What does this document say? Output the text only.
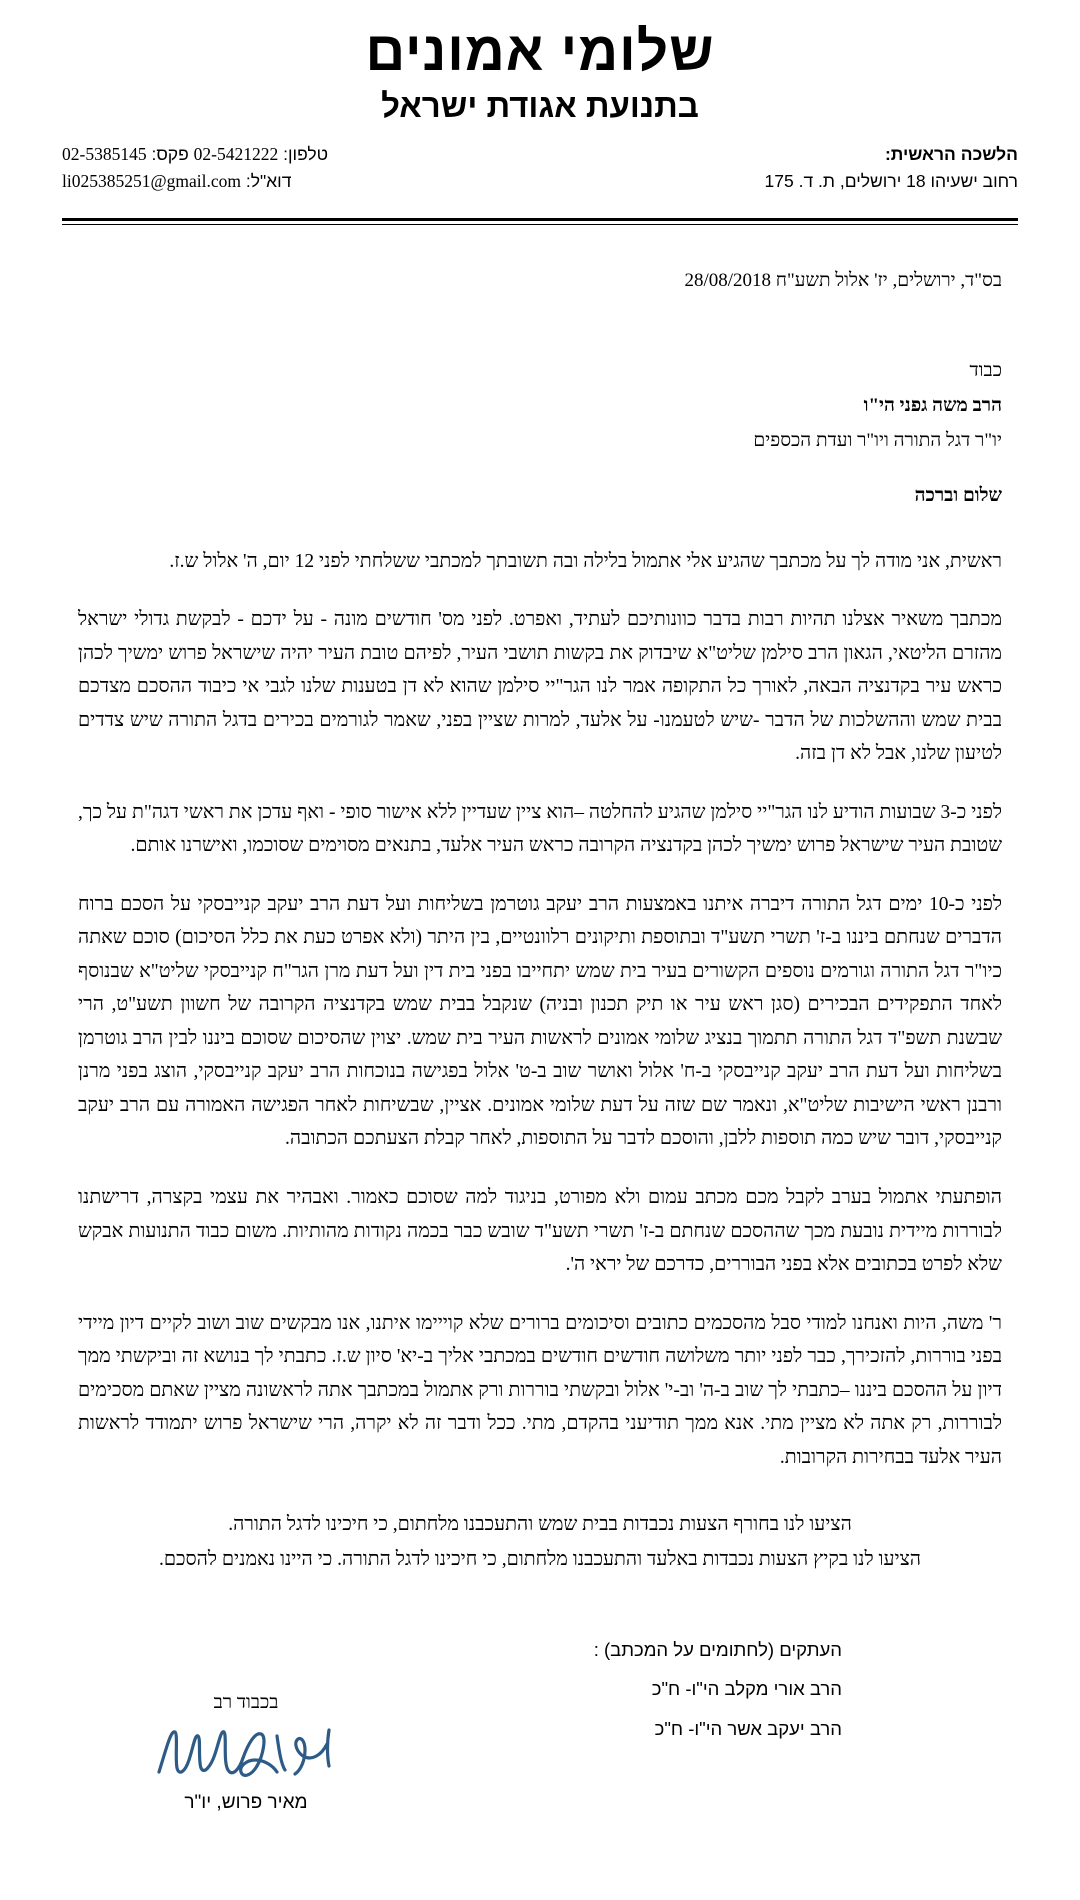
שלומי אמונים
בתנועת אגודת ישראל
הלשכה הראשית:
רחוב ישעיהו 18 ירושלים, ת. ד. 175
טלפון: 02-5421222 פקס: 02-5385145
דוא"ל: li025385251@gmail.com
בס"ד, ירושלים, יז' אלול תשע"ח 28/08/2018
כבוד
הרב משה גפני הי"ו
יו"ר דגל התורה ויו"ר ועדת הכספים
שלום וברכה

ראשית, אני מודה לך על מכתבך שהגיע אלי אתמול בלילה ובה תשובתך למכתבי ששלחתי לפני 12 יום, ה' אלול ש.ז.

מכתבך משאיר אצלנו תהיות רבות בדבר כוונותיכם לעתיד, ואפרט. לפני מס' חודשים מונה - על ידכם - לבקשת גדולי ישראל מהזרם הליטאי, הגאון הרב סילמן שליט"א שיבדוק את בקשות תושבי העיר, לפיהם טובת העיר יהיה שישראל פרוש ימשיך לכהן כראש עיר בקדנציה הבאה, לאורך כל התקופה אמר לנו הגר"יי סילמן שהוא לא דן בטענות שלנו לגבי אי כיבוד ההסכם מצדכם בבית שמש וההשלכות של הדבר -שיש לטעמנו- על אלעד, למרות שציין בפני, שאמר לגורמים בכירים בדגל התורה שיש צדדים לטיעון שלנו, אבל לא דן בזה.

לפני כ-3 שבועות הודיע לנו הגר"יי סילמן שהגיע להחלטה –הוא ציין שעדיין ללא אישור סופי - ואף עדכן את ראשי דגה"ת על כך, שטובת העיר שישראל פרוש ימשיך לכהן בקדנציה הקרובה כראש העיר אלעד, בתנאים מסוימים שסוכמו, ואישרנו אותם.

לפני כ-10 ימים דגל התורה דיברה איתנו באמצעות הרב יעקב גוטרמן בשליחות ועל דעת הרב יעקב קנייבסקי על הסכם ברוח הדברים שנחתם ביננו ב-ז' תשרי תשע"ד ובתוספת ותיקונים רלוונטיים, בין היתר (ולא אפרט כעת את כלל הסיכום) סוכם שאתה כיו"ר דגל התורה וגורמים נוספים הקשורים בעיר בית שמש יתחייבו בפני בית דין ועל דעת מרן הגר"ח קנייבסקי שליט"א שבנוסף לאחד התפקידים הבכירים (סגן ראש עיר או תיק תכנון ובניה) שנקבל בבית שמש בקדנציה הקרובה של חשוון תשע"ט, הרי שבשנת תשפ"ד דגל התורה תתמוך בנציג שלומי אמונים לראשות העיר בית שמש. יצוין שהסיכום שסוכם ביננו לבין הרב גוטרמן בשליחות ועל דעת הרב יעקב קנייבסקי ב-ח' אלול ואושר שוב ב-ט' אלול בפגישה בנוכחות הרב יעקב קנייבסקי, הוצג בפני מרנן ורבנן ראשי הישיבות שליט"א, ונאמר שם שזה על דעת שלומי אמונים. אציין, שבשיחות לאחר הפגישה האמורה עם הרב יעקב קנייבסקי, דובר שיש כמה תוספות ללבן, והוסכם לדבר על התוספות, לאחר קבלת הצעתכם הכתובה.

הופתעתי אתמול בערב לקבל מכם מכתב עמום ולא מפורט, בניגוד למה שסוכם כאמור. ואבהיר את עצמי בקצרה, דרישתנו לבוררות מיידית נובעת מכך שההסכם שנחתם ב-ז' תשרי תשע"ד שובש כבר בכמה נקודות מהותיות. משום כבוד התנועות אבקש שלא לפרט בכתובים אלא בפני הבוררים, כדרכם של יראי ה'.

ר' משה, היות ואנחנו למודי סבל מהסכמים כתובים וסיכומים ברורים שלא קוייימו איתנו, אנו מבקשים שוב ושוב לקיים דיון מיידי בפני בוררות, להזכירך, כבר לפני יותר משלושה חודשים חודשים במכתבי אליך ב-יא' סיון ש.ז. כתבתי לך בנושא זה וביקשתי ממך דיון על ההסכם ביננו –כתבתי לך שוב ב-ה' וב-י' אלול ובקשתי בוררות ורק אתמול במכתבך אתה לראשונה מציין שאתם מסכימים לבוררות, רק אתה לא מציין מתי. אנא ממך תודיעני בהקדם, מתי. ככל ודבר זה לא יקרה, הרי שישראל פרוש יתמודד לראשות העיר אלעד בבחירות הקרובות.

הציעו לנו בחורף הצעות נכבדות בבית שמש והתעכבנו מלחתום, כי חיכינו לדגל התורה.
הציעו לנו בקיץ הצעות נכבדות באלעד והתעכבנו מלחתום, כי חיכינו לדגל התורה. כי היינו נאמנים להסכם.
העתקים (לחתומים על המכתב) :
הרב אורי מקלב הי"ו- ח"כ
הרב יעקב אשר הי"ו- ח"כ
בכבוד רב
מאיר פרוש, יו"ר
